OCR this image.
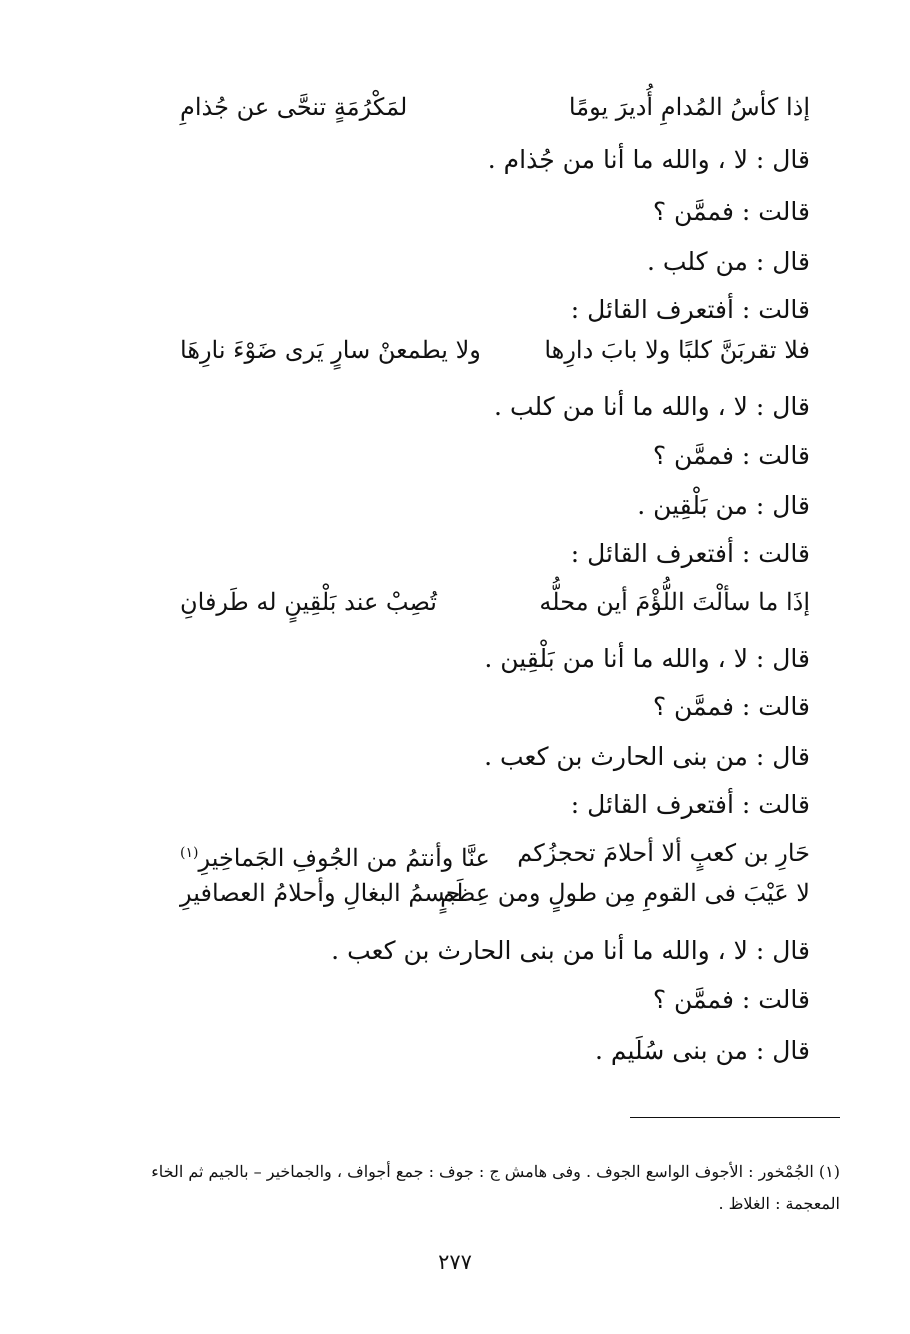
إذا كأسُ المُدامِ أُديرَ يومًا
لمَكْرُمَةٍ تنحَّى عن جُذامِ

قال : لا ، والله ما أنا من جُذام .

قالت : فممَّن ؟

قال : من كلب .

قالت : أفتعرف القائل :

فلا تقربَنَّ كلبًا ولا بابَ دارِها
ولا يطمعنْ سارٍ يَرى ضَوْءَ نارِهَا

قال : لا ، والله ما أنا من كلب .

قالت : فممَّن ؟

قال : من بَلْقِين .

قالت : أفتعرف القائل :

إذَا ما سألْتَ اللُّؤْمَ أين محلُّه
تُصِبْ عند بَلْقِينٍ له طَرفانِ

قال : لا ، والله ما أنا من بَلْقِين .

قالت : فممَّن ؟

قال : من بنى الحارث بن كعب .

قالت : أفتعرف القائل :

حَارِ بن كعبٍ ألا أحلامَ تحجزُكم
عنَّا وأنتمُ من الجُوفِ الجَماخِيرِ$^{(١)}$
لا عَيْبَ فى القومِ مِن طولٍ ومن عِظَمٍ
جسمُ البغالِ وأحلامُ العصافيرِ

قال : لا ، والله ما أنا من بنى الحارث بن كعب .

قالت : فممَّن ؟

قال : من بنى سُلَيم .

(١) الجُمْخور : الأجوف الواسع الجوف . وفى هامش ج : جوف : جمع أجواف ، والجماخير – بالجيم ثم الخاء
المعجمة : الغلاظ .
٢٧٧
